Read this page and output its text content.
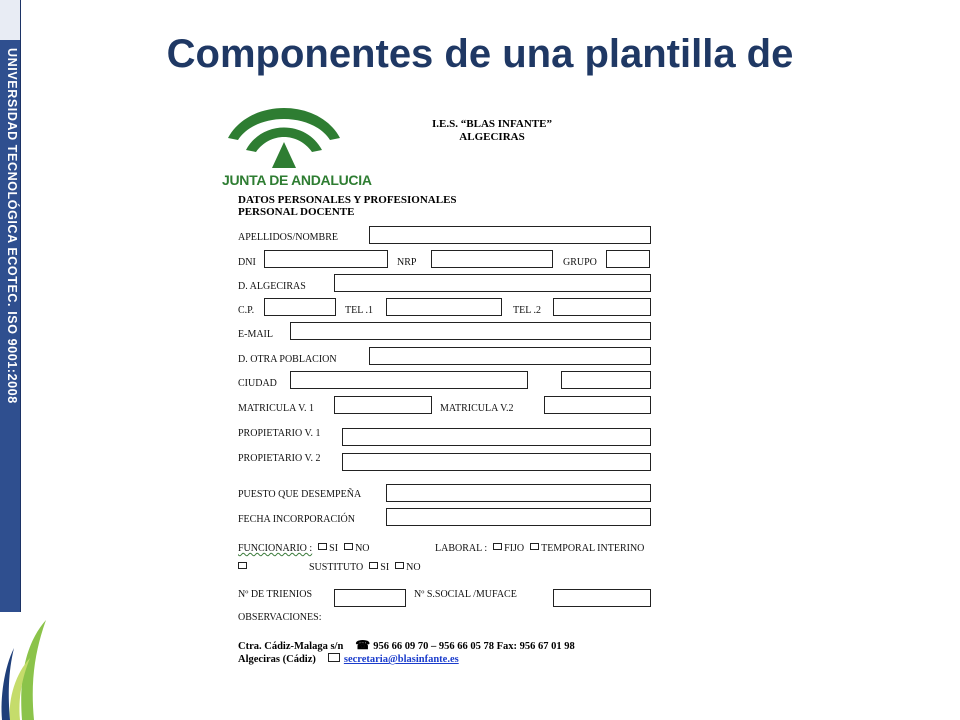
UNIVERSIDAD TECNOLÓGICA ECOTEC. ISO 9001:2008	Componentes de una plantilla de
JUNTA DE ANDALUCIA
I.E.S. “BLAS INFANTE”
ALGECIRAS
DATOS PERSONALES Y PROFESIONALES
PERSONAL DOCENTE
APELLIDOS/NOMBRE
DNI	NRP	GRUPO
D. ALGECIRAS
C.P.	TEL .1	TEL .2
E-MAIL
D. OTRA POBLACION
CIUDAD
MATRICULA V. 1	MATRICULA V.2
PROPIETARIO V. 1
PROPIETARIO V. 2
PUESTO QUE DESEMPEÑA
FECHA INCORPORACIÓN
FUNCIONARIO : SI NO	LABORAL : FIJO TEMPORAL INTERINO
SUSTITUTO SI NO
Nº DE TRIENIOS	Nº S.SOCIAL /MUFACE
OBSERVACIONES:
Ctra. Cádiz-Malaga s/n ☎ 956 66 09 70 – 956 66 05 78 Fax: 956 67 01 98
Algeciras (Cádiz)	secretaria@blasinfante.es
